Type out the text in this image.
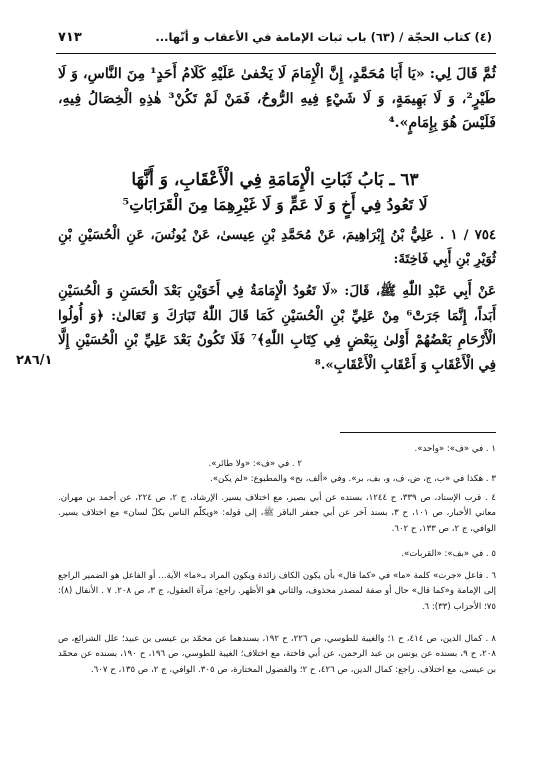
(٤) كتاب الحجّة / (٦٣) باب ثبات الإمامة في الأعقاب و أنّها...
٧١٣

ثُمَّ قَالَ لِي: «يَا أَبَا مُحَمَّدٍ، إِنَّ الْإِمَامَ لَا يَخْفىٰ عَلَيْهِ كَلَامُ أَحَدٍ¹ مِنَ النَّاسِ، وَ لَا طَيْرٍ²، وَ لَا بَهِيمَةٍ، وَ لَا شَيْءٍ فِيهِ الرُّوحُ، فَمَنْ لَمْ تَكُنْ³ هٰذِهِ الْخِصَالُ فِيهِ، فَلَيْسَ هُوَ بِإِمَامٍ».⁴

٦٣ ـ بَابُ ثَبَاتِ الْإِمَامَةِ فِي الْأَعْقَابِ، وَ أَنَّهَا
لَا تَعُودُ فِي أَخٍ وَ لَا عَمٍّ وَ لَا غَيْرِهِمَا مِنَ الْقَرَابَاتِ⁵

٧٥٤ / ١ . عَلِيُّ بْنُ إِبْرَاهِيمَ، عَنْ مُحَمَّدِ بْنِ عِيسىٰ، عَنْ يُونُسَ، عَنِ الْحُسَيْنِ بْنِ ثُوَيْرِ بْنِ أَبِي فَاخِتَةَ:

عَنْ أَبِي عَبْدِ اللّٰهِ ﷺ، قَالَ: «لَا تَعُودُ الْإِمَامَةُ فِي أَخَوَيْنِ بَعْدَ الْحَسَنِ وَ الْحُسَيْنِ أَبَداً، إِنَّمَا جَرَتْ⁶ مِنْ عَلِيِّ بْنِ الْحُسَيْنِ كَمَا قَالَ اللّٰهُ تَبَارَكَ وَ تَعَالىٰ: ﴿وَ أُولُوا الْأَرْحَامِ بَعْضُهُمْ أَوْلىٰ بِبَعْضٍ فِي كِتَابِ اللّٰهِ﴾⁷ فَلَا تَكُونُ بَعْدَ عَلِيِّ بْنِ الْحُسَيْنِ إِلَّا فِي الْأَعْقَابِ وَ أَعْقَابِ الْأَعْقَابِ».⁸

٢٨٦/١

١ . في «ف»: «واحد».

٢ . في «ف»: «ولا طائر».

٣ . هكذا في «ب، ج، ض، ف، و، بف، بر». وفي «ألف، بح» والمطبوع: «لم يكن».

٤ . قرب الإسناد، ص ٣٣٩، ح ١٢٤٤، بسنده عن أبي بصير، مع اختلاف يسير. الإرشاد، ج ٢، ص ٢٢٤، عن أحمد بن مهران. معاني الأخبار، ص ١٠١، ح ٣، بسند آخر عن أبي جعفر الباقر ﷺ، إلى قوله: «ويكلّم الناس بكلّ لسان» مع اختلاف يسير. الوافي، ج ٢، ص ١٣٣، ح ٦٠٢.

٥ . في «بف»: «القربات».

٦ . فاعل «جرت» كلمة «ما» في «كما قال» بأن يكون الكاف زائدة ويكون المراد بـ«ما» الآية... أو الفاعل هو الضمير الراجع إلى الإمامة و«كما قال» حال أو صفة لمصدر محذوف، والثاني هو الأظهر. راجع: مرآة العقول، ج ٣، ص ٢٠٨. ٧ . الأنفال (٨): ٧٥؛ الأحزاب (٣٣): ٦.

٨ . كمال الدين، ص ٤١٤، ح ١؛ والغيبة للطوسي، ص ٢٢٦، ح ١٩٢، بسندهما عن محمّد بن عيسى بن عبيد؛ علل الشرائع، ص ٢٠٨، ح ٩، بسنده عن يونس بن عبد الرحمن، عن أبي فاختة، مع اختلاف؛ الغيبة للطوسي، ص ١٩٦، ح ١٩٠، بسنده عن محمّد بن عيسى، مع اختلاف. راجع: كمال الدين، ص ٤٢٦، ح ٢؛ والفصول المختارة، ص ٣٠٥. الوافي، ج ٢، ص ١٣٥، ح ٦٠٧.
